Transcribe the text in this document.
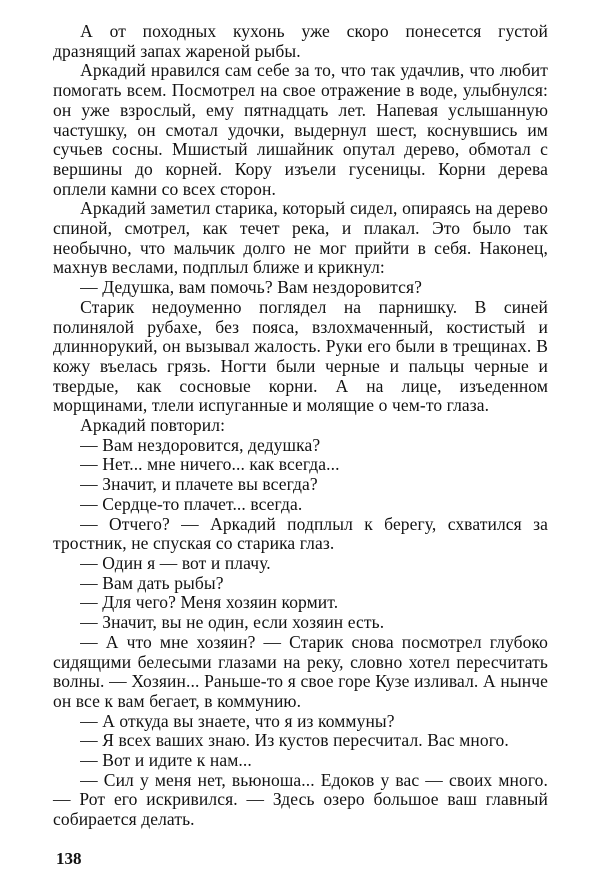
А от походных кухонь уже скоро понесется густой дразнящий запах жареной рыбы.

Аркадий нравился сам себе за то, что так удачлив, что любит помогать всем. Посмотрел на свое отражение в воде, улыбнулся: он уже взрослый, ему пятнадцать лет. Напевая услышанную частушку, он смотал удочки, выдернул шест, коснувшись им сучьев сосны. Мшистый лишайник опутал дерево, обмотал с вершины до корней. Кору изъели гусеницы. Корни дерева оплели камни со всех сторон.

Аркадий заметил старика, который сидел, опираясь на дерево спиной, смотрел, как течет река, и плакал. Это было так необычно, что мальчик долго не мог прийти в себя. Наконец, махнув веслами, подплыл ближе и крикнул:

— Дедушка, вам помочь? Вам нездоровится?

Старик недоуменно поглядел на парнишку. В синей полинялой рубахе, без пояса, взлохмаченный, костистый и длиннорукий, он вызывал жалость. Руки его были в трещинах. В кожу въелась грязь. Ногти были черные и пальцы черные и твердые, как сосновые корни. А на лице, изъеденном морщинами, тлели испуганные и молящие о чем-то глаза.

Аркадий повторил:

— Вам нездоровится, дедушка?

— Нет... мне ничего... как всегда...

— Значит, и плачете вы всегда?

— Сердце-то плачет... всегда.

— Отчего? — Аркадий подплыл к берегу, схватился за тростник, не спуская со старика глаз.

— Один я — вот и плачу.

— Вам дать рыбы?

— Для чего? Меня хозяин кормит.

— Значит, вы не один, если хозяин есть.

— А что мне хозяин? — Старик снова посмотрел глубоко сидящими белесыми глазами на реку, словно хотел пересчитать волны. — Хозяин... Раньше-то я свое горе Кузе изливал. А нынче он все к вам бегает, в коммунию.

— А откуда вы знаете, что я из коммуны?

— Я всех ваших знаю. Из кустов пересчитал. Вас много.

— Вот и идите к нам...

— Сил у меня нет, вьюноша... Едоков у вас — своих много. — Рот его искривился. — Здесь озеро большое ваш главный собирается делать.

138
